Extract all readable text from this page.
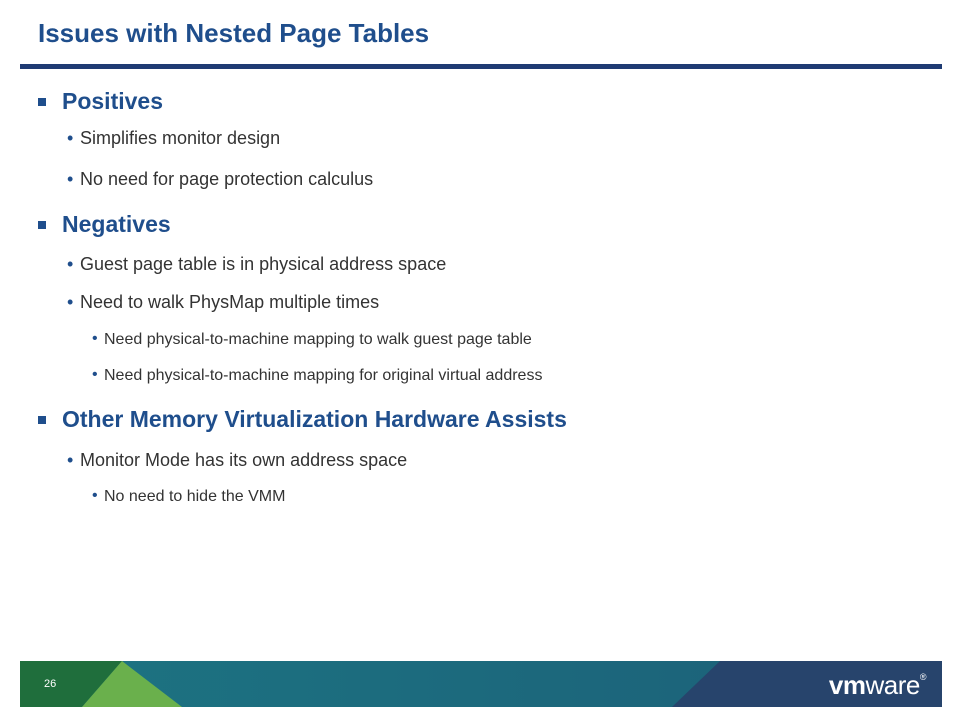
Issues with Nested Page Tables
Positives
• Simplifies monitor design
• No need for page protection calculus
Negatives
• Guest page table is in physical address space
• Need to walk PhysMap multiple times
• Need physical-to-machine mapping to walk guest page table
• Need physical-to-machine mapping for original virtual address
Other Memory Virtualization Hardware Assists
• Monitor Mode has its own address space
• No need to hide the VMM
26	vmware®
